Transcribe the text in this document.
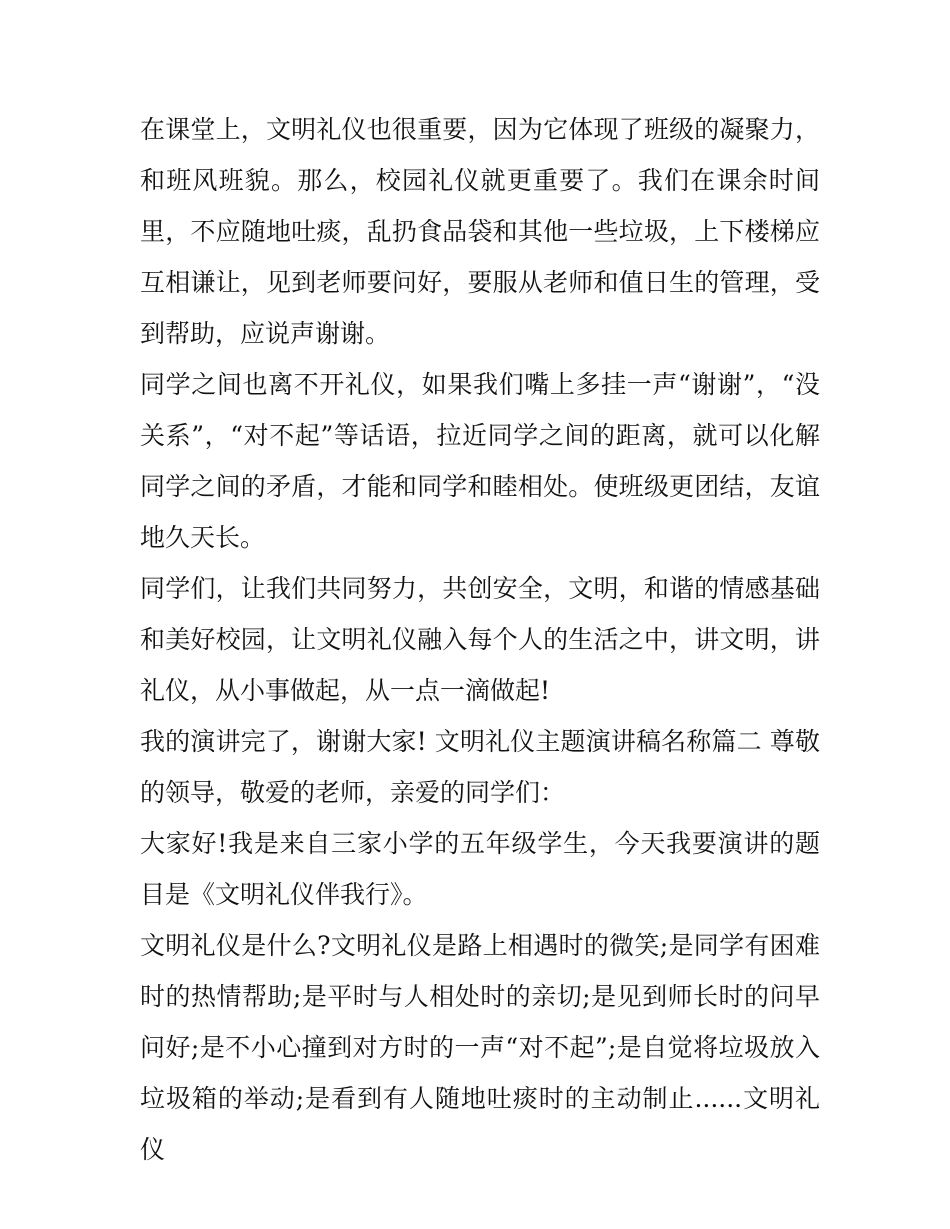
在课堂上，文明礼仪也很重要，因为它体现了班级的凝聚力，和班风班貌。那么，校园礼仪就更重要了。我们在课余时间里，不应随地吐痰，乱扔食品袋和其他一些垃圾，上下楼梯应互相谦让，见到老师要问好，要服从老师和值日生的管理，受到帮助，应说声谢谢。

同学之间也离不开礼仪，如果我们嘴上多挂一声“谢谢”，“没关系”，“对不起”等话语，拉近同学之间的距离，就可以化解同学之间的矛盾，才能和同学和睦相处。使班级更团结，友谊地久天长。

同学们，让我们共同努力，共创安全，文明，和谐的情感基础和美好校园，让文明礼仪融入每个人的生活之中，讲文明，讲礼仪，从小事做起，从一点一滴做起!

我的演讲完了，谢谢大家! 文明礼仪主题演讲稿名称篇二 尊敬的领导，敬爱的老师，亲爱的同学们：

大家好!我是来自三家小学的五年级学生，今天我要演讲的题目是《文明礼仪伴我行》。

文明礼仪是什么?文明礼仪是路上相遇时的微笑;是同学有困难时的热情帮助;是平时与人相处时的亲切;是见到师长时的问早问好;是不小心撞到对方时的一声“对不起”;是自觉将垃圾放入垃圾箱的举动;是看到有人随地吐痰时的主动制止......文明礼仪
